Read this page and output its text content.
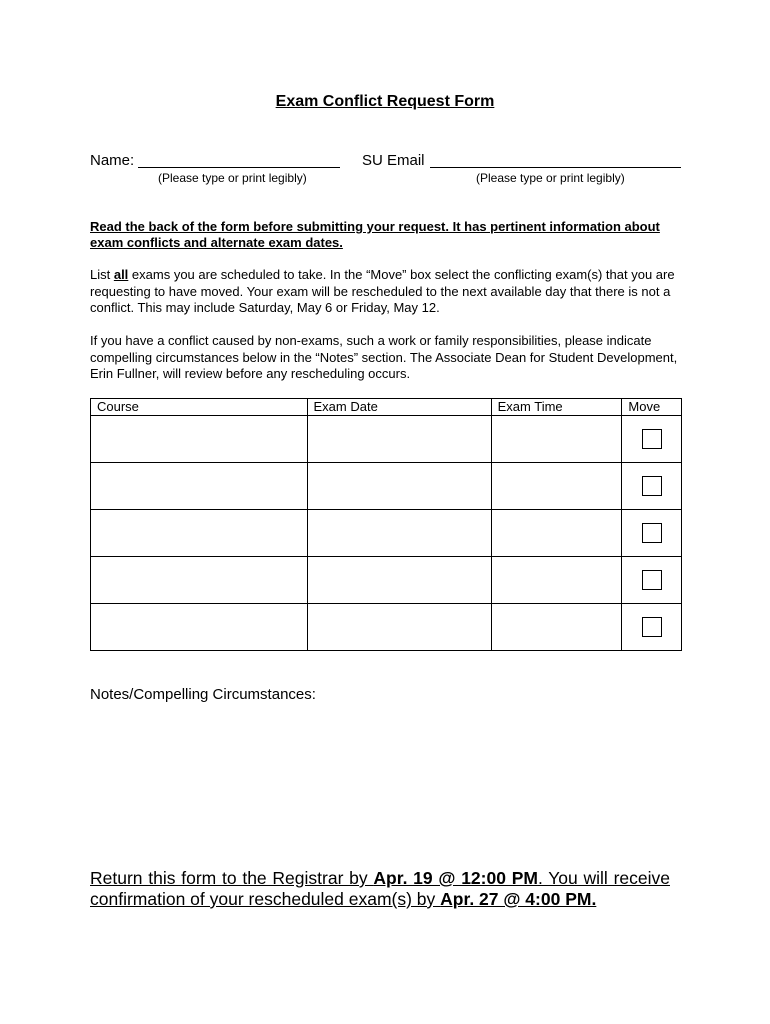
Exam Conflict Request Form
Name:
(Please type or print legibly)
SU Email
(Please type or print legibly)
Read the back of the form before submitting your request. It has pertinent information about exam conflicts and alternate exam dates.
List all exams you are scheduled to take. In the “Move” box select the conflicting exam(s) that you are requesting to have moved. Your exam will be rescheduled to the next available day that there is not a conflict. This may include Saturday, May 6 or Friday, May 12.
If you have a conflict caused by non-exams, such a work or family responsibilities, please indicate compelling circumstances below in the “Notes” section. The Associate Dean for Student Development, Erin Fullner, will review before any rescheduling occurs.
Course	Exam Date	Exam Time	Move

Notes/Compelling Circumstances:
Return this form to the Registrar by Apr. 19 @ 12:00 PM. You will receive confirmation of your rescheduled exam(s) by Apr. 27 @ 4:00 PM.
